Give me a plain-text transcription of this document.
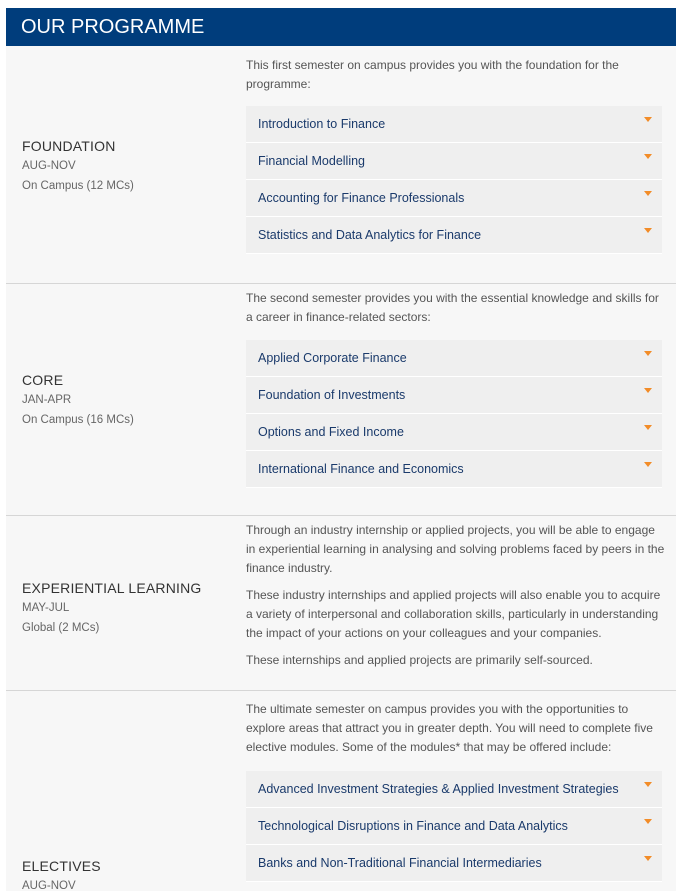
OUR PROGRAMME
FOUNDATION
AUG-NOV
On Campus (12 MCs)

This first semester on campus provides you with the foundation for the programme:

Introduction to Finance
Financial Modelling
Accounting for Finance Professionals
Statistics and Data Analytics for Finance
CORE
JAN-APR
On Campus (16 MCs)

The second semester provides you with the essential knowledge and skills for a career in finance-related sectors:

Applied Corporate Finance
Foundation of Investments
Options and Fixed Income
International Finance and Economics
EXPERIENTIAL LEARNING
MAY-JUL
Global (2 MCs)

Through an industry internship or applied projects, you will be able to engage in experiential learning in analysing and solving problems faced by peers in the finance industry.

These industry internships and applied projects will also enable you to acquire a variety of interpersonal and collaboration skills, particularly in understanding the impact of your actions on your colleagues and your companies.

These internships and applied projects are primarily self-sourced.

ELECTIVES
AUG-NOV

The ultimate semester on campus provides you with the opportunities to explore areas that attract you in greater depth. You will need to complete five elective modules. Some of the modules* that may be offered include:

Advanced Investment Strategies & Applied Investment Strategies
Technological Disruptions in Finance and Data Analytics
Banks and Non-Traditional Financial Intermediaries
